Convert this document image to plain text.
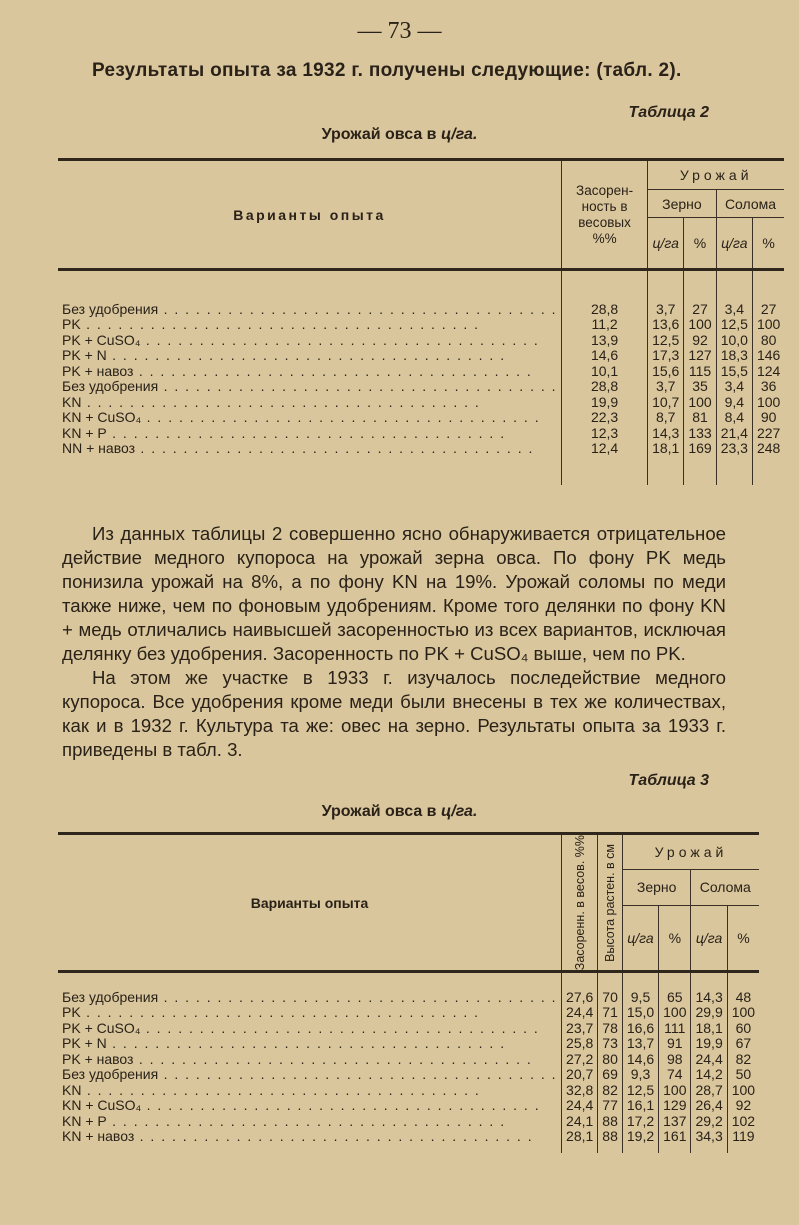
— 73 —
Результаты опыта за 1932 г. получены следующие: (табл. 2).
Таблица 2
Урожай овса в ц/га.
Варианты опыта	Засорен- ность в весовых %%	Урожай			
		Зерно		Солома	
		ц/га	%	ц/га	%

Без удобрения . . .	28,8	3,7	27	3,4	27
PK . . .	11,2	13,6	100	12,5	100
PK + CuSO₄ . . .	13,9	12,5	92	10,0	80
PK + N . . .	14,6	17,3	127	18,3	146
PK + навоз . . .	10,1	15,6	115	15,5	124
Без удобрения . . .	28,8	3,7	35	3,4	36
KN . . .	19,9	10,7	100	9,4	100
KN + CuSO₄ . . .	22,3	8,7	81	8,4	90
KN + P . . .	12,3	14,3	133	21,4	227
NN + навоз . . .	12,4	18,1	169	23,3	248

Из данных таблицы 2 совершенно ясно обнаруживается отрицательное действие медного купороса на урожай зерна овса. По фону PK медь понизила урожай на 8%, а по фону KN на 19%. Урожай соломы по меди также ниже, чем по фоновым удобрениям. Кроме того делянки по фону KN + медь отличались наивысшей засоренностью из всех вариантов, исключая делянку без удобрения. Засоренность по PK + CuSO₄ выше, чем по PK.

На этом же участке в 1933 г. изучалось последействие медного купороса. Все удобрения кроме меди были внесены в тех же количествах, как и в 1932 г. Культура та же: овес на зерно. Результаты опыта за 1933 г. приведены в табл. 3.

Таблица 3
Урожай овса в ц/га.
Варианты опыта	Засоренн. в весов. %%	Высота растен. в см	Урожай			
			Зерно		Солома	
			ц/га	%	ц/га	%

Без удобрения . . .	27,6	70	9,5	65	14,3	48
PK . . .	24,4	71	15,0	100	29,9	100
PK + CuSO₄ . . .	23,7	78	16,6	111	18,1	60
PK + N . . .	25,8	73	13,7	91	19,9	67
PK + навоз . . .	27,2	80	14,6	98	24,4	82
Без удобрения . . .	20,7	69	9,3	74	14,2	50
KN . . .	32,8	82	12,5	100	28,7	100
KN + CuSO₄ . . .	24,4	77	16,1	129	26,4	92
KN + P . . .	24,1	88	17,2	137	29,2	102
KN + навоз . . .	28,1	88	19,2	161	34,3	119
